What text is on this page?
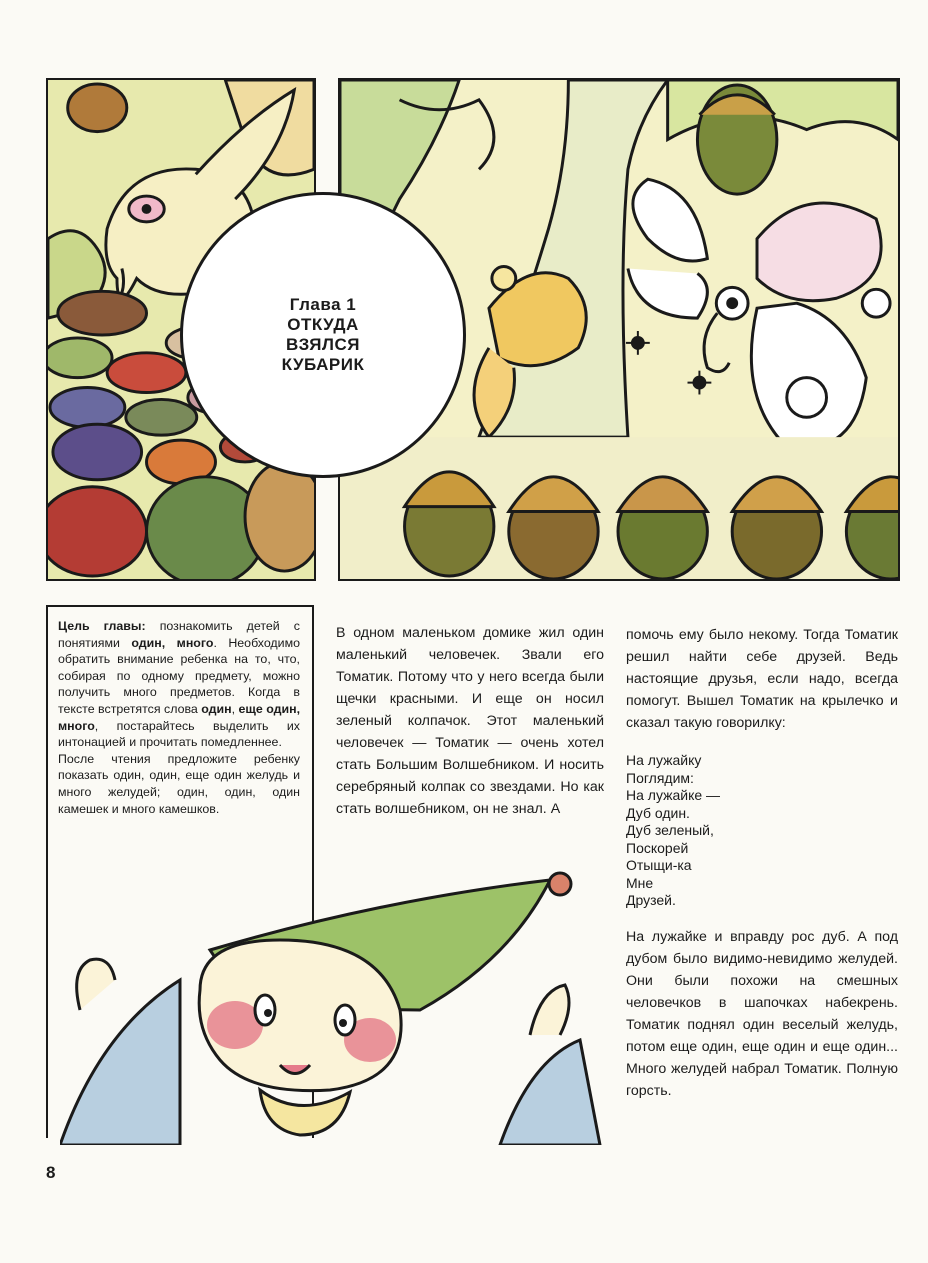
Глава 1
ОТКУДА
ВЗЯЛСЯ
КУБАРИК

Цель главы: познакомить детей с понятиями один, много. Необходимо обратить внимание ребенка на то, что, собирая по одному предмету, можно получить много предметов. Когда в тексте встретятся слова один, еще один, много, постарайтесь выделить их интонацией и прочитать помедленнее.

После чтения предложите ребенку показать один, один, еще один желудь и много желудей; один, один, один камешек и много камешков.

В одном маленьком домике жил один маленький человечек. Звали его Томатик. Потому что у него всегда были щечки красными. И еще он носил зеленый колпачок. Этот маленький человечек — Томатик — очень хотел стать Большим Волшебником. И носить серебряный колпак со звездами. Но как стать волшебником, он не знал. А

помочь ему было некому. Тогда Томатик решил найти себе друзей. Ведь настоящие друзья, если надо, всегда помогут. Вышел Томатик на крылечко и сказал такую говорилку:

На лужайку
Поглядим:
На лужайке —
Дуб один.
Дуб зеленый,
Поскорей
Отыщи-ка
Мне
Друзей.

На лужайке и вправду рос дуб. А под дубом было видимо-невидимо желудей. Они были похожи на смешных человечков в шапочках набекрень. Томатик поднял один веселый желудь, потом еще один, еще один и еще один... Много желудей набрал Томатик. Полную горсть.

8
